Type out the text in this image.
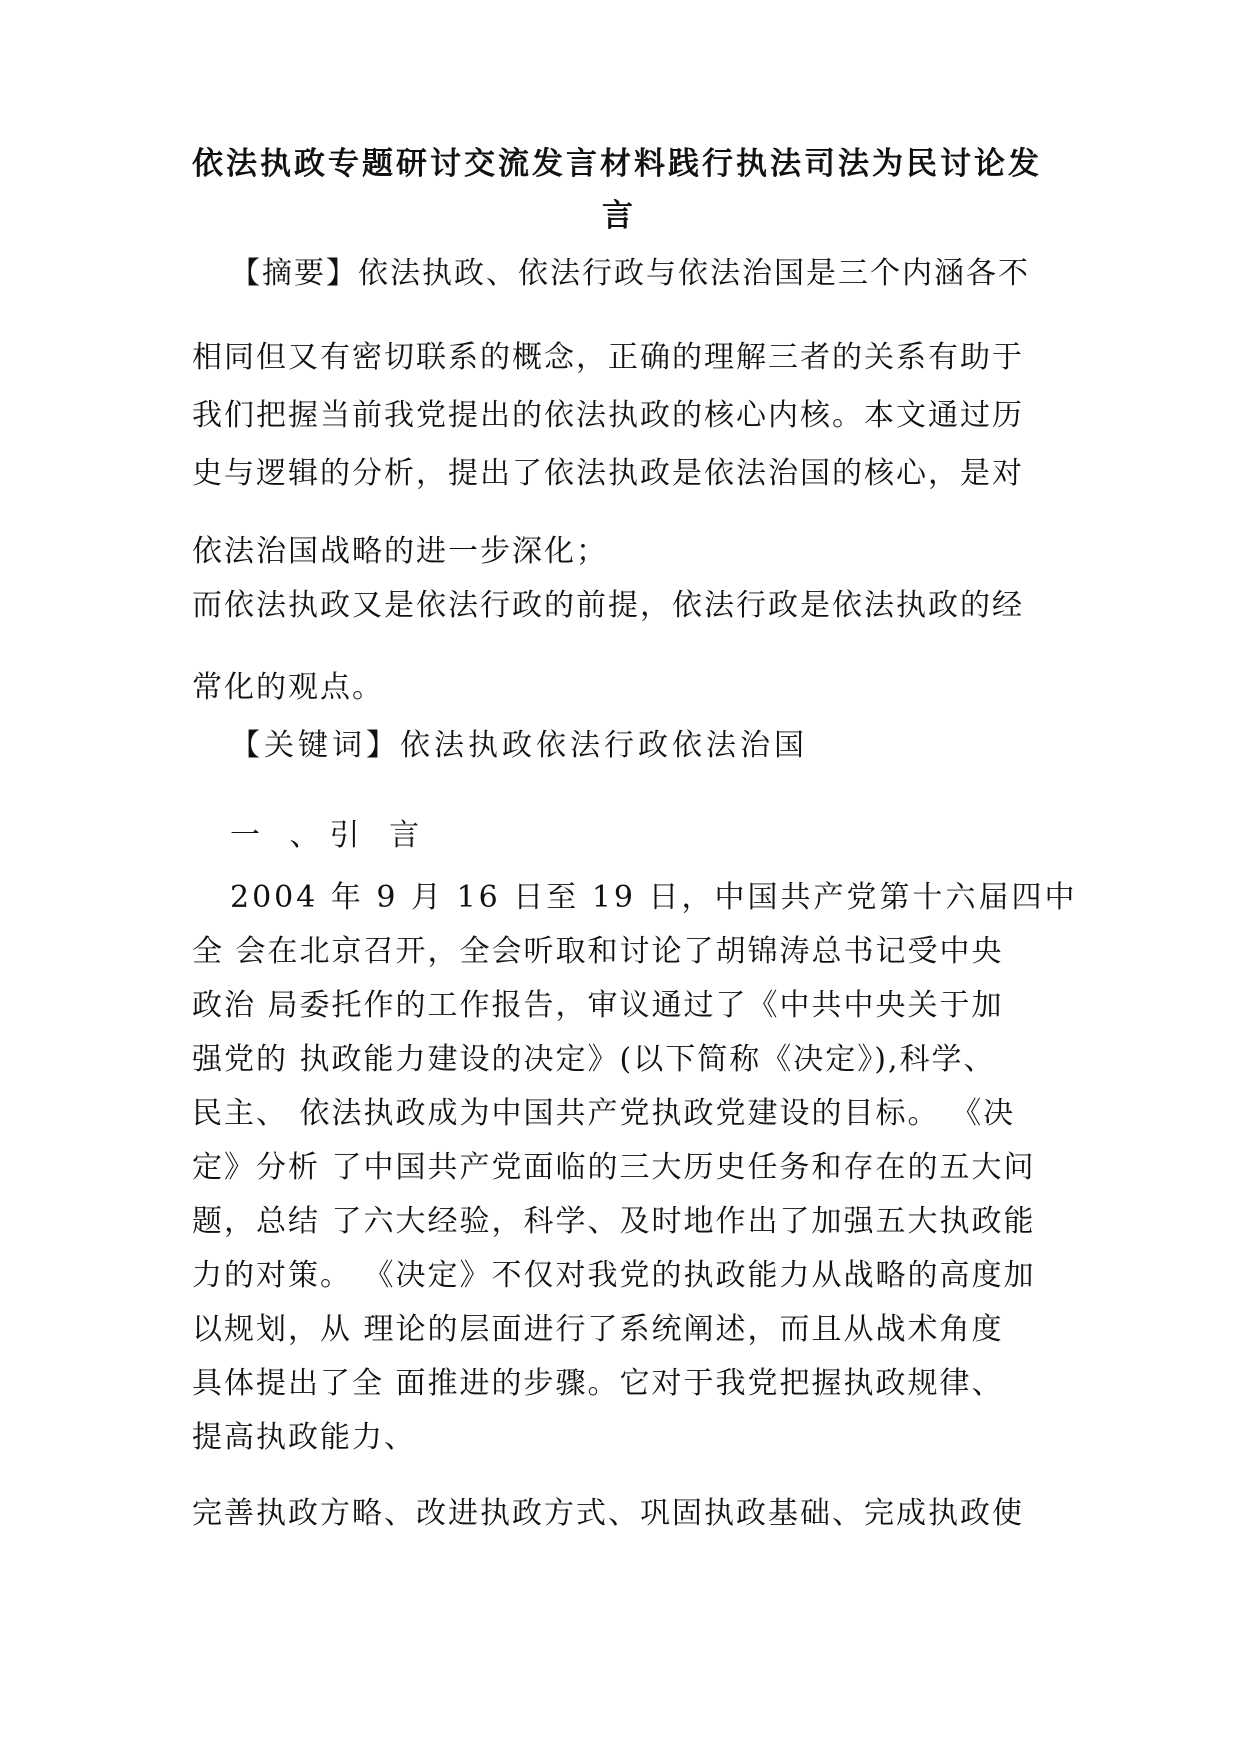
依法执政专题研讨交流发言材料践行执法司法为民讨论发
言
【摘要】依法执政、依法行政与依法治国是三个内涵各不
相同但又有密切联系的概念，正确的理解三者的关系有助于
我们把握当前我党提出的依法执政的核心内核。本文通过历
史与逻辑的分析，提出了依法执政是依法治国的核心，是对
依法治国战略的进一步深化；
而依法执政又是依法行政的前提，依法行政是依法执政的经
常化的观点。
【关键词】依法执政依法行政依法治国
一 、引 言
2004 年 9 月 16 日至 19 日，中国共产党第十六届四中
全 会在北京召开，全会听取和讨论了胡锦涛总书记受中央
政治 局委托作的工作报告，审议通过了《中共中央关于加
强党的 执政能力建设的决定》(以下简称《决定》),科学、
民主、 依法执政成为中国共产党执政党建设的目标。 《决
定》分析 了中国共产党面临的三大历史任务和存在的五大问
题，总结 了六大经验，科学、及时地作出了加强五大执政能
力的对策。 《决定》不仅对我党的执政能力从战略的高度加
以规划，从 理论的层面进行了系统阐述，而且从战术角度
具体提出了全 面推进的步骤。它对于我党把握执政规律、
提高执政能力、
完善执政方略、改进执政方式、巩固执政基础、完成执政使
